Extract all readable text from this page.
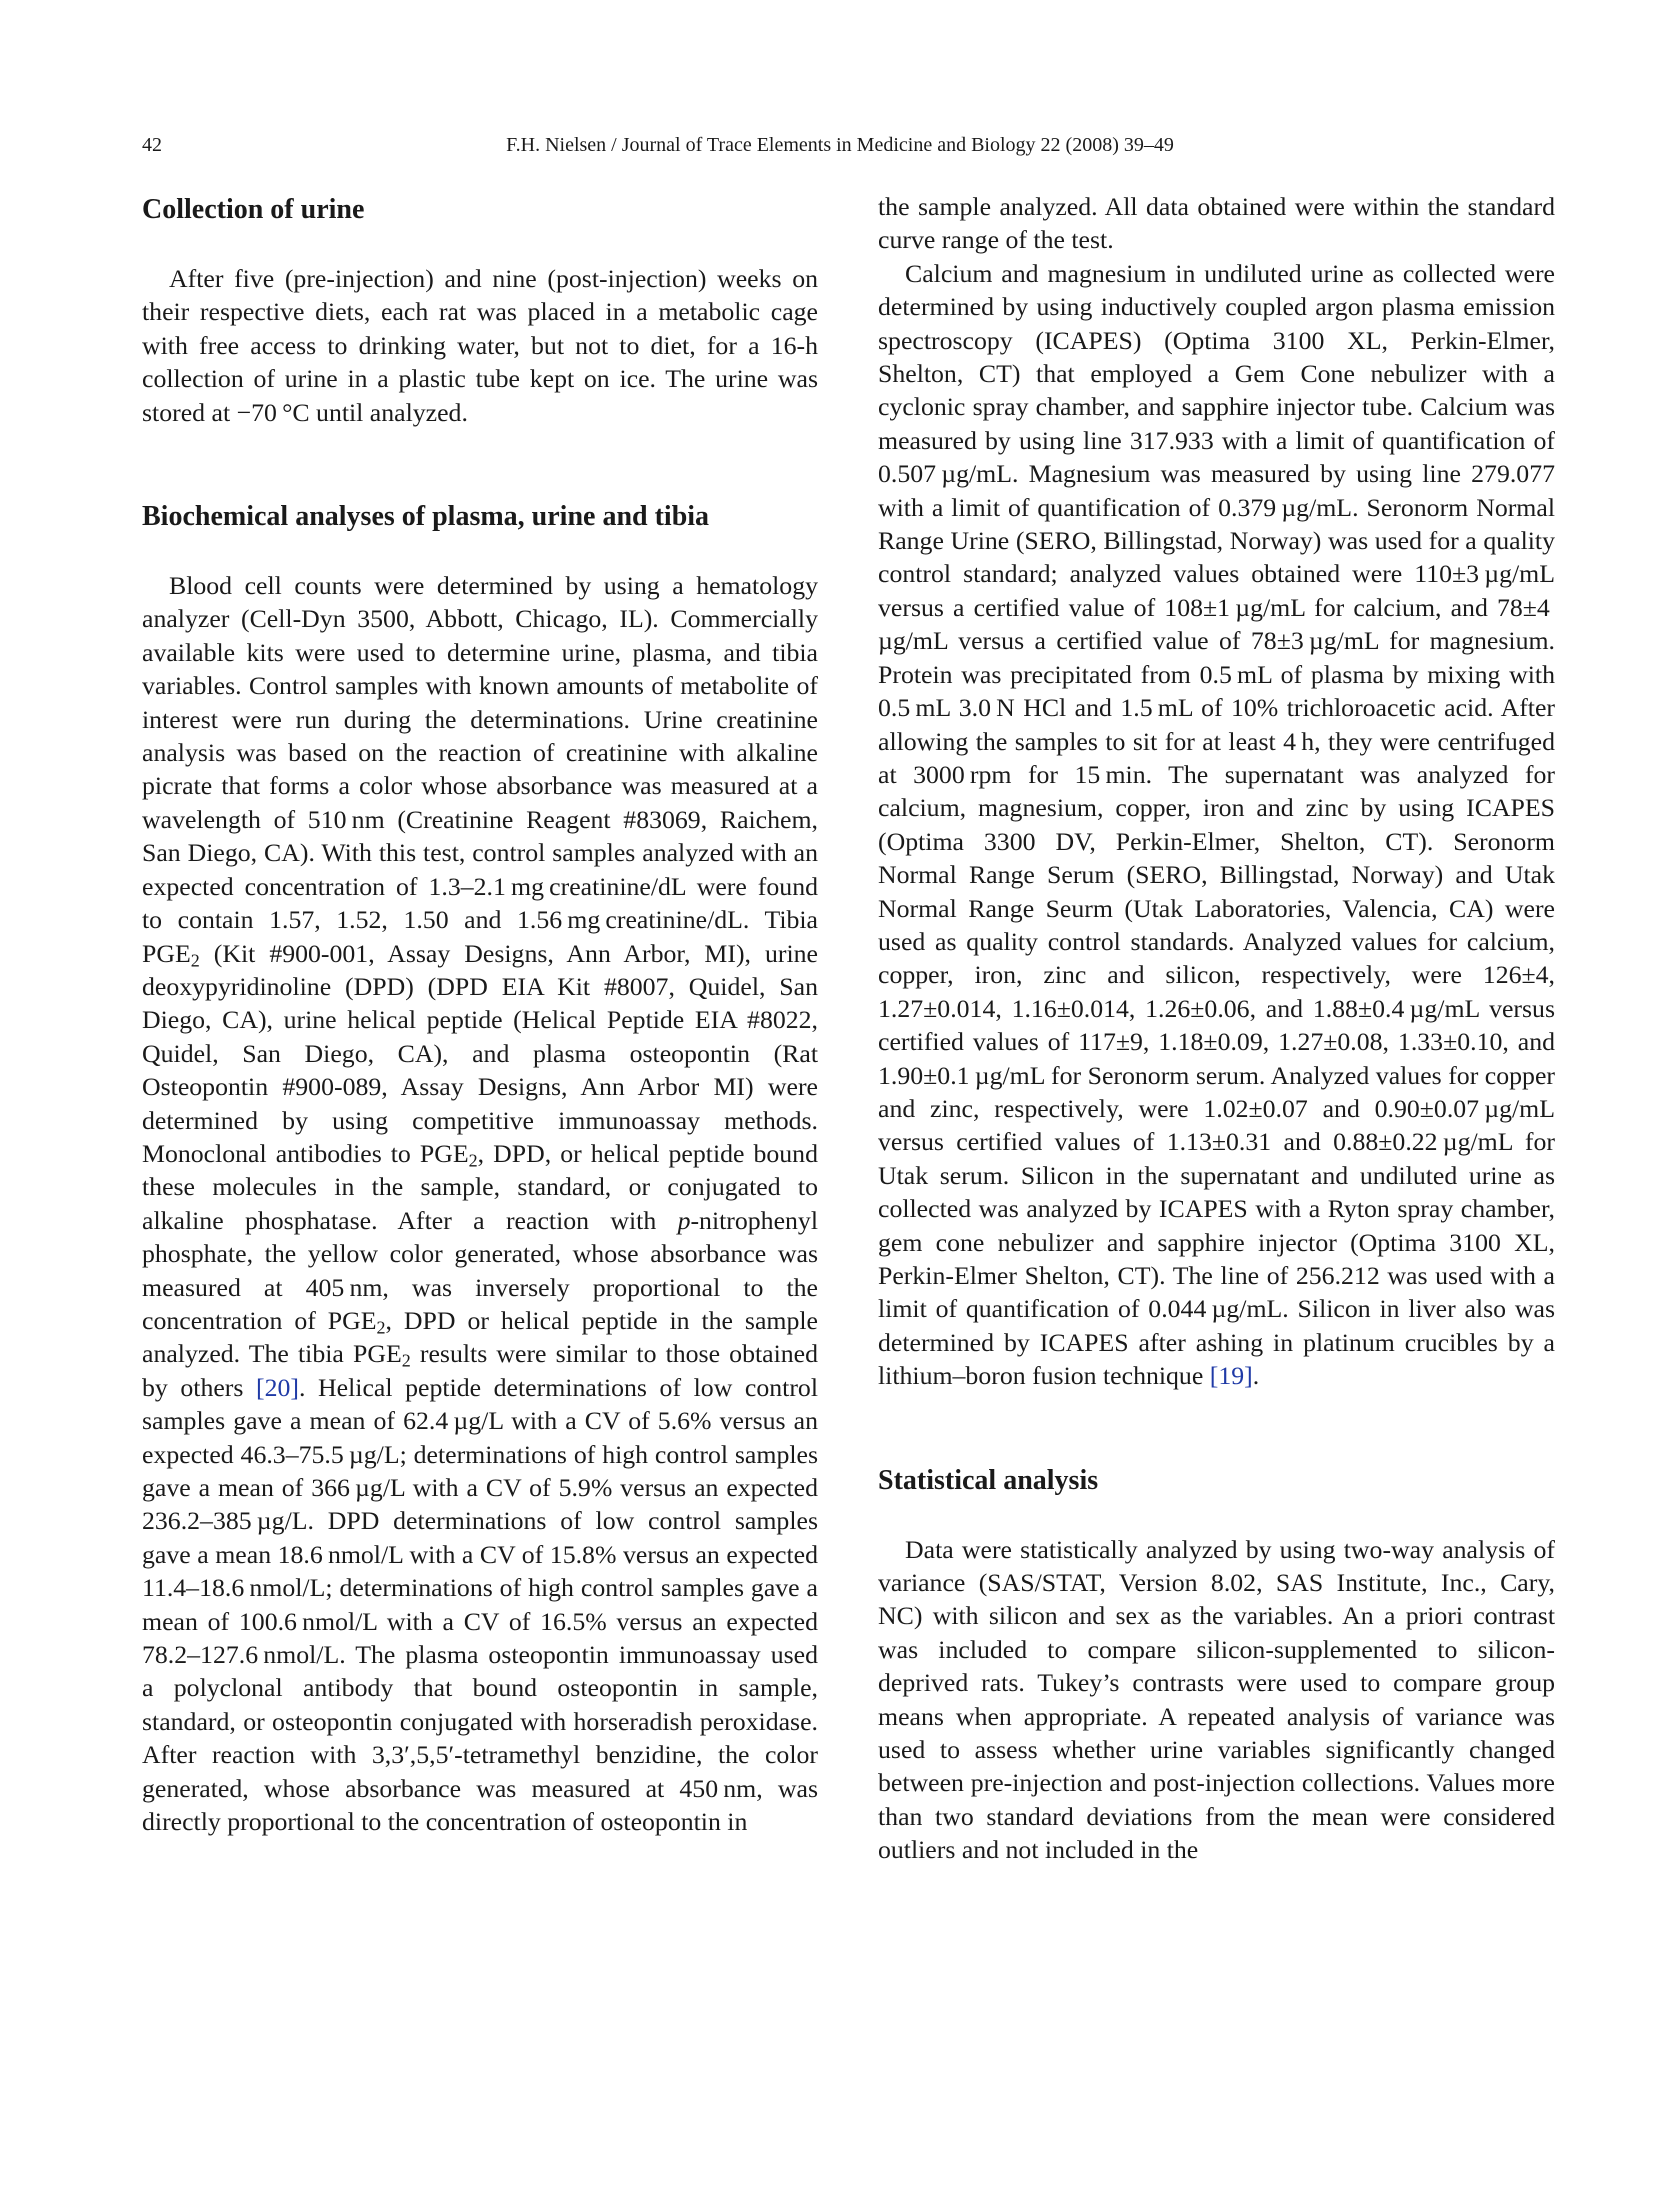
42	F.H. Nielsen / Journal of Trace Elements in Medicine and Biology 22 (2008) 39–49
Collection of urine

After five (pre-injection) and nine (post-injection) weeks on their respective diets, each rat was placed in a metabolic cage with free access to drinking water, but not to diet, for a 16-h collection of urine in a plastic tube kept on ice. The urine was stored at −70 °C until analyzed.

Biochemical analyses of plasma, urine and tibia

Blood cell counts were determined by using a hematology analyzer (Cell-Dyn 3500, Abbott, Chicago, IL). Commercially available kits were used to determine urine, plasma, and tibia variables. Control samples with known amounts of metabolite of interest were run during the determinations. Urine creatinine analysis was based on the reaction of creatinine with alkaline picrate that forms a color whose absorbance was measured at a wavelength of 510 nm (Creatinine Reagent #83069, Raichem, San Diego, CA). With this test, control samples analyzed with an expected concentration of 1.3–2.1 mg creatinine/dL were found to contain 1.57, 1.52, 1.50 and 1.56 mg creatinine/dL. Tibia $PGE_2$ (Kit #900-001, Assay Designs, Ann Arbor, MI), urine deoxypyridinoline (DPD) (DPD EIA Kit #8007, Quidel, San Diego, CA), urine helical peptide (Helical Peptide EIA #8022, Quidel, San Diego, CA), and plasma osteopontin (Rat Osteopontin #900-089, Assay Designs, Ann Arbor MI) were determined by using competitive immunoassay methods. Monoclonal antibodies to $PGE_2$, DPD, or helical peptide bound these molecules in the sample, standard, or conjugated to alkaline phosphatase. After a reaction with p-nitrophenyl phosphate, the yellow color generated, whose absorbance was measured at 405 nm, was inversely proportional to the concentration of $PGE_2$, DPD or helical peptide in the sample analyzed. The tibia $PGE_2$ results were similar to those obtained by others [20]. Helical peptide determinations of low control samples gave a mean of 62.4 µg/L with a CV of 5.6% versus an expected 46.3–75.5 µg/L; determinations of high control samples gave a mean of 366 µg/L with a CV of 5.9% versus an expected 236.2–385 µg/L. DPD determinations of low control samples gave a mean 18.6 nmol/L with a CV of 15.8% versus an expected 11.4–18.6 nmol/L; determinations of high control samples gave a mean of 100.6 nmol/L with a CV of 16.5% versus an expected 78.2–127.6 nmol/L. The plasma osteopontin immunoassay used a polyclonal antibody that bound osteopontin in sample, standard, or osteopontin conjugated with horseradish peroxidase. After reaction with 3,3′,5,5′-tetramethyl benzidine, the color generated, whose absorbance was measured at 450 nm, was directly proportional to the concentration of osteopontin in

the sample analyzed. All data obtained were within the standard curve range of the test.

Calcium and magnesium in undiluted urine as collected were determined by using inductively coupled argon plasma emission spectroscopy (ICAPES) (Optima 3100 XL, Perkin-Elmer, Shelton, CT) that employed a Gem Cone nebulizer with a cyclonic spray chamber, and sapphire injector tube. Calcium was measured by using line 317.933 with a limit of quantification of 0.507 µg/mL. Magnesium was measured by using line 279.077 with a limit of quantification of 0.379 µg/mL. Seronorm Normal Range Urine (SERO, Billingstad, Norway) was used for a quality control standard; analyzed values obtained were 110±3 µg/mL versus a certified value of 108±1 µg/mL for calcium, and 78±4 µg/mL versus a certified value of 78±3 µg/mL for magnesium. Protein was precipitated from 0.5 mL of plasma by mixing with 0.5 mL 3.0 N HCl and 1.5 mL of 10% trichloroacetic acid. After allowing the samples to sit for at least 4 h, they were centrifuged at 3000 rpm for 15 min. The supernatant was analyzed for calcium, magnesium, copper, iron and zinc by using ICAPES (Optima 3300 DV, Perkin-Elmer, Shelton, CT). Seronorm Normal Range Serum (SERO, Billingstad, Norway) and Utak Normal Range Seurm (Utak Laboratories, Valencia, CA) were used as quality control standards. Analyzed values for calcium, copper, iron, zinc and silicon, respectively, were 126±4, 1.27±0.014, 1.16±0.014, 1.26±0.06, and 1.88±0.4 µg/mL versus certified values of 117±9, 1.18±0.09, 1.27±0.08, 1.33±0.10, and 1.90±0.1 µg/mL for Seronorm serum. Analyzed values for copper and zinc, respectively, were 1.02±0.07 and 0.90±0.07 µg/mL versus certified values of 1.13±0.31 and 0.88±0.22 µg/mL for Utak serum. Silicon in the supernatant and undiluted urine as collected was analyzed by ICAPES with a Ryton spray chamber, gem cone nebulizer and sapphire injector (Optima 3100 XL, Perkin-Elmer Shelton, CT). The line of 256.212 was used with a limit of quantification of 0.044 µg/mL. Silicon in liver also was determined by ICAPES after ashing in platinum crucibles by a lithium–boron fusion technique [19].

Statistical analysis

Data were statistically analyzed by using two-way analysis of variance (SAS/STAT, Version 8.02, SAS Institute, Inc., Cary, NC) with silicon and sex as the variables. An a priori contrast was included to compare silicon-supplemented to silicon-deprived rats. Tukey’s contrasts were used to compare group means when appropriate. A repeated analysis of variance was used to assess whether urine variables significantly changed between pre-injection and post-injection collections. Values more than two standard deviations from the mean were considered outliers and not included in the
